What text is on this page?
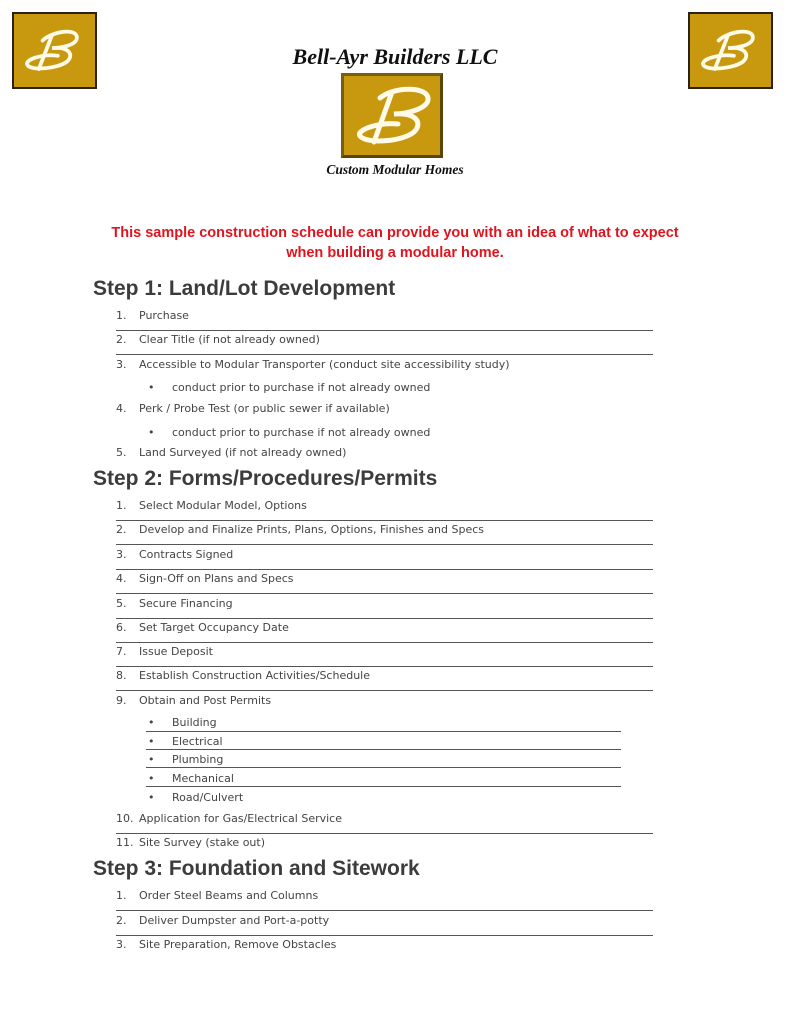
Bell-Ayr Builders LLC
Custom Modular Homes
This sample construction schedule can provide you with an idea of what to expect when building a modular home.
Step 1: Land/Lot Development
1. Purchase
2. Clear Title (if not already owned)
3. Accessible to Modular Transporter (conduct site accessibility study)
• conduct prior to purchase if not already owned
4. Perk / Probe Test (or public sewer if available)
• conduct prior to purchase if not already owned
5. Land Surveyed (if not already owned)
Step 2: Forms/Procedures/Permits
1. Select Modular Model, Options
2. Develop and Finalize Prints, Plans, Options, Finishes and Specs
3. Contracts Signed
4. Sign-Off on Plans and Specs
5. Secure Financing
6. Set Target Occupancy Date
7. Issue Deposit
8. Establish Construction Activities/Schedule
9. Obtain and Post Permits
• Building
• Electrical
• Plumbing
• Mechanical
• Road/Culvert
10. Application for Gas/Electrical Service
11. Site Survey (stake out)
Step 3: Foundation and Sitework
1. Order Steel Beams and Columns
2. Deliver Dumpster and Port-a-potty
3. Site Preparation, Remove Obstacles
